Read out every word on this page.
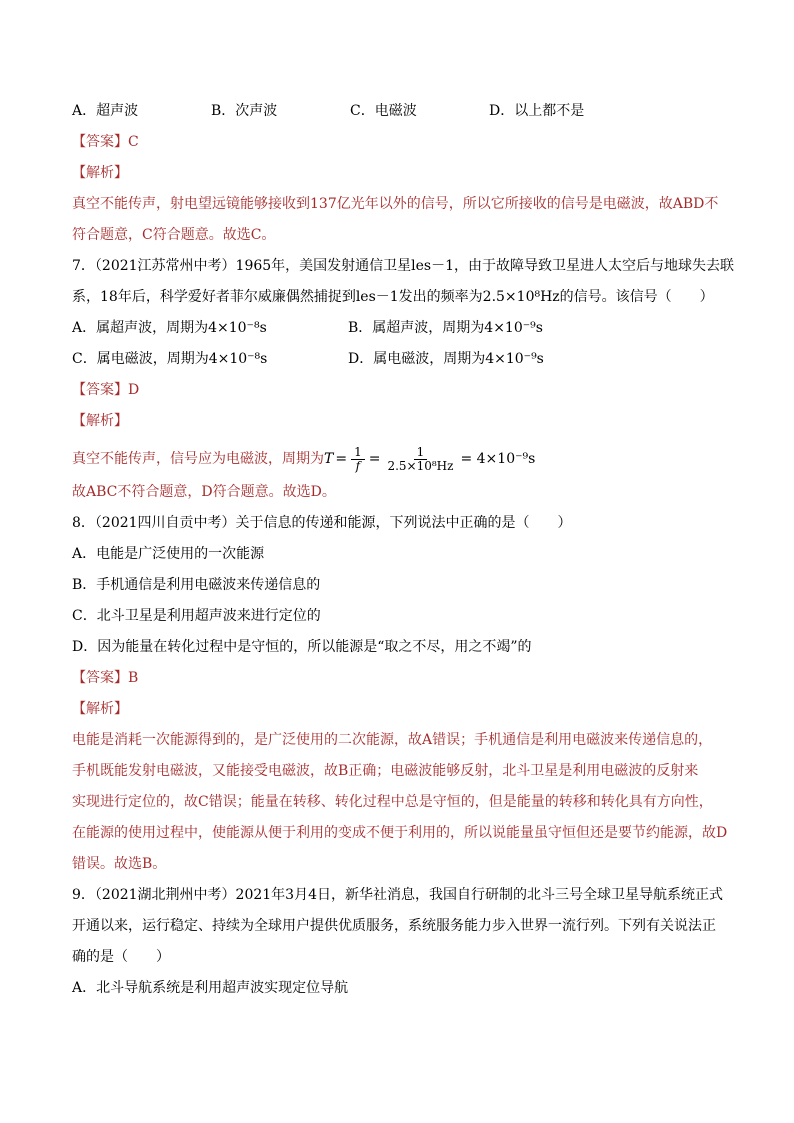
A．超声波	B．次声波	C．电磁波	D．以上都不是
【答案】C
【解析】
真空不能传声，射电望远镜能够接收到137亿光年以外的信号，所以它所接收的信号是电磁波，故ABD不
符合题意，C符合题意。故选C。
7．（2021江苏常州中考）1965年，美国发射通信卫星les－1，由于故障导致卫星进人太空后与地球失去联
系，18年后，科学爱好者菲尔威廉偶然捕捉到les－1发出的频率为2.5×10⁸Hz的信号。该信号（　　）
A．属超声波，周期为4×10⁻⁸s	B．属超声波，周期为4×10⁻⁹s
C．属电磁波，周期为4×10⁻⁸s	D．属电磁波，周期为4×10⁻⁹s
【答案】D
【解析】
真空不能传声，信号应为电磁波，周期为 $T = \frac{1}{f} = \frac{1}{\text{2.5×10⁸Hz}} = 4\times 10^{-9}s$
故ABC不符合题意，D符合题意。故选D。
8．（2021四川自贡中考）关于信息的传递和能源，下列说法中正确的是（　　）
A．电能是广泛使用的一次能源
B．手机通信是利用电磁波来传递信息的
C．北斗卫星是利用超声波来进行定位的
D．因为能量在转化过程中是守恒的，所以能源是“取之不尽，用之不竭”的
【答案】B
【解析】
电能是消耗一次能源得到的，是广泛使用的二次能源，故A错误；手机通信是利用电磁波来传递信息的，
手机既能发射电磁波，又能接受电磁波，故B正确；电磁波能够反射，北斗卫星是利用电磁波的反射来
实现进行定位的，故C错误；能量在转移、转化过程中总是守恒的，但是能量的转移和转化具有方向性，
在能源的使用过程中，使能源从便于利用的变成不便于利用的，所以说能量虽守恒但还是要节约能源，故D
错误。故选B。
9．（2021湖北荆州中考）2021年3月4日，新华社消息，我国自行研制的北斗三号全球卫星导航系统正式
开通以来，运行稳定、持续为全球用户提供优质服务，系统服务能力步入世界一流行列。下列有关说法正
确的是（　　）
A．北斗导航系统是利用超声波实现定位导航
